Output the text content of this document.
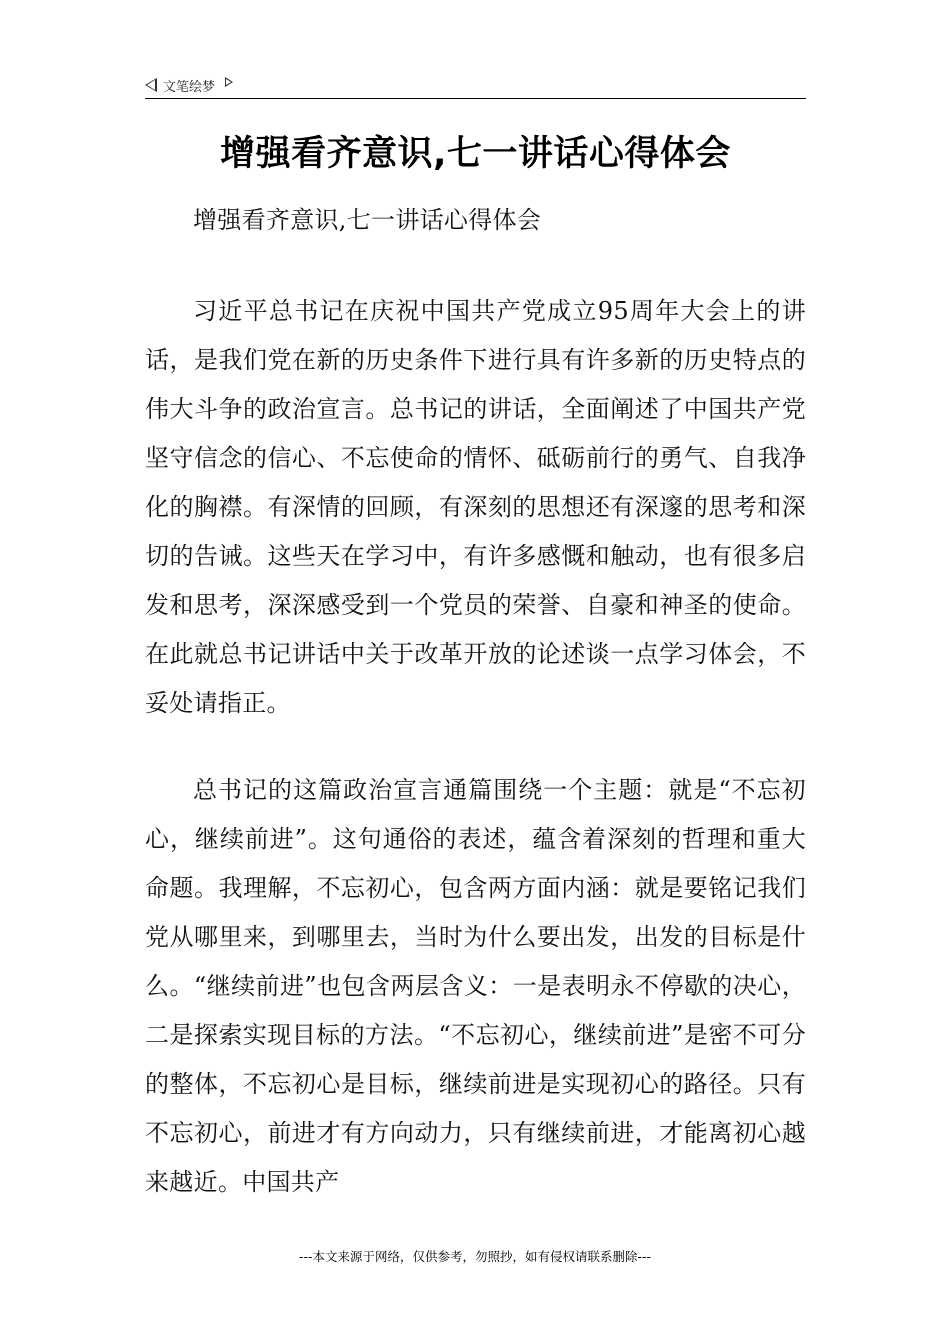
文笔绘梦
增强看齐意识,七一讲话心得体会

增强看齐意识,七一讲话心得体会

习近平总书记在庆祝中国共产党成立95周年大会上的讲话，是我们党在新的历史条件下进行具有许多新的历史特点的伟大斗争的政治宣言。总书记的讲话，全面阐述了中国共产党坚守信念的信心、不忘使命的情怀、砥砺前行的勇气、自我净化的胸襟。有深情的回顾，有深刻的思想还有深邃的思考和深切的告诫。这些天在学习中，有许多感慨和触动，也有很多启发和思考，深深感受到一个党员的荣誉、自豪和神圣的使命。在此就总书记讲话中关于改革开放的论述谈一点学习体会，不妥处请指正。

总书记的这篇政治宣言通篇围绕一个主题：就是“不忘初心，继续前进”。这句通俗的表述，蕴含着深刻的哲理和重大命题。我理解，不忘初心，包含两方面内涵：就是要铭记我们党从哪里来，到哪里去，当时为什么要出发，出发的目标是什么。“继续前进”也包含两层含义：一是表明永不停歇的决心，二是探索实现目标的方法。“不忘初心，继续前进”是密不可分的整体，不忘初心是目标，继续前进是实现初心的路径。只有不忘初心，前进才有方向动力，只有继续前进，才能离初心越来越近。中国共产

---本文来源于网络，仅供参考，勿照抄，如有侵权请联系删除---
